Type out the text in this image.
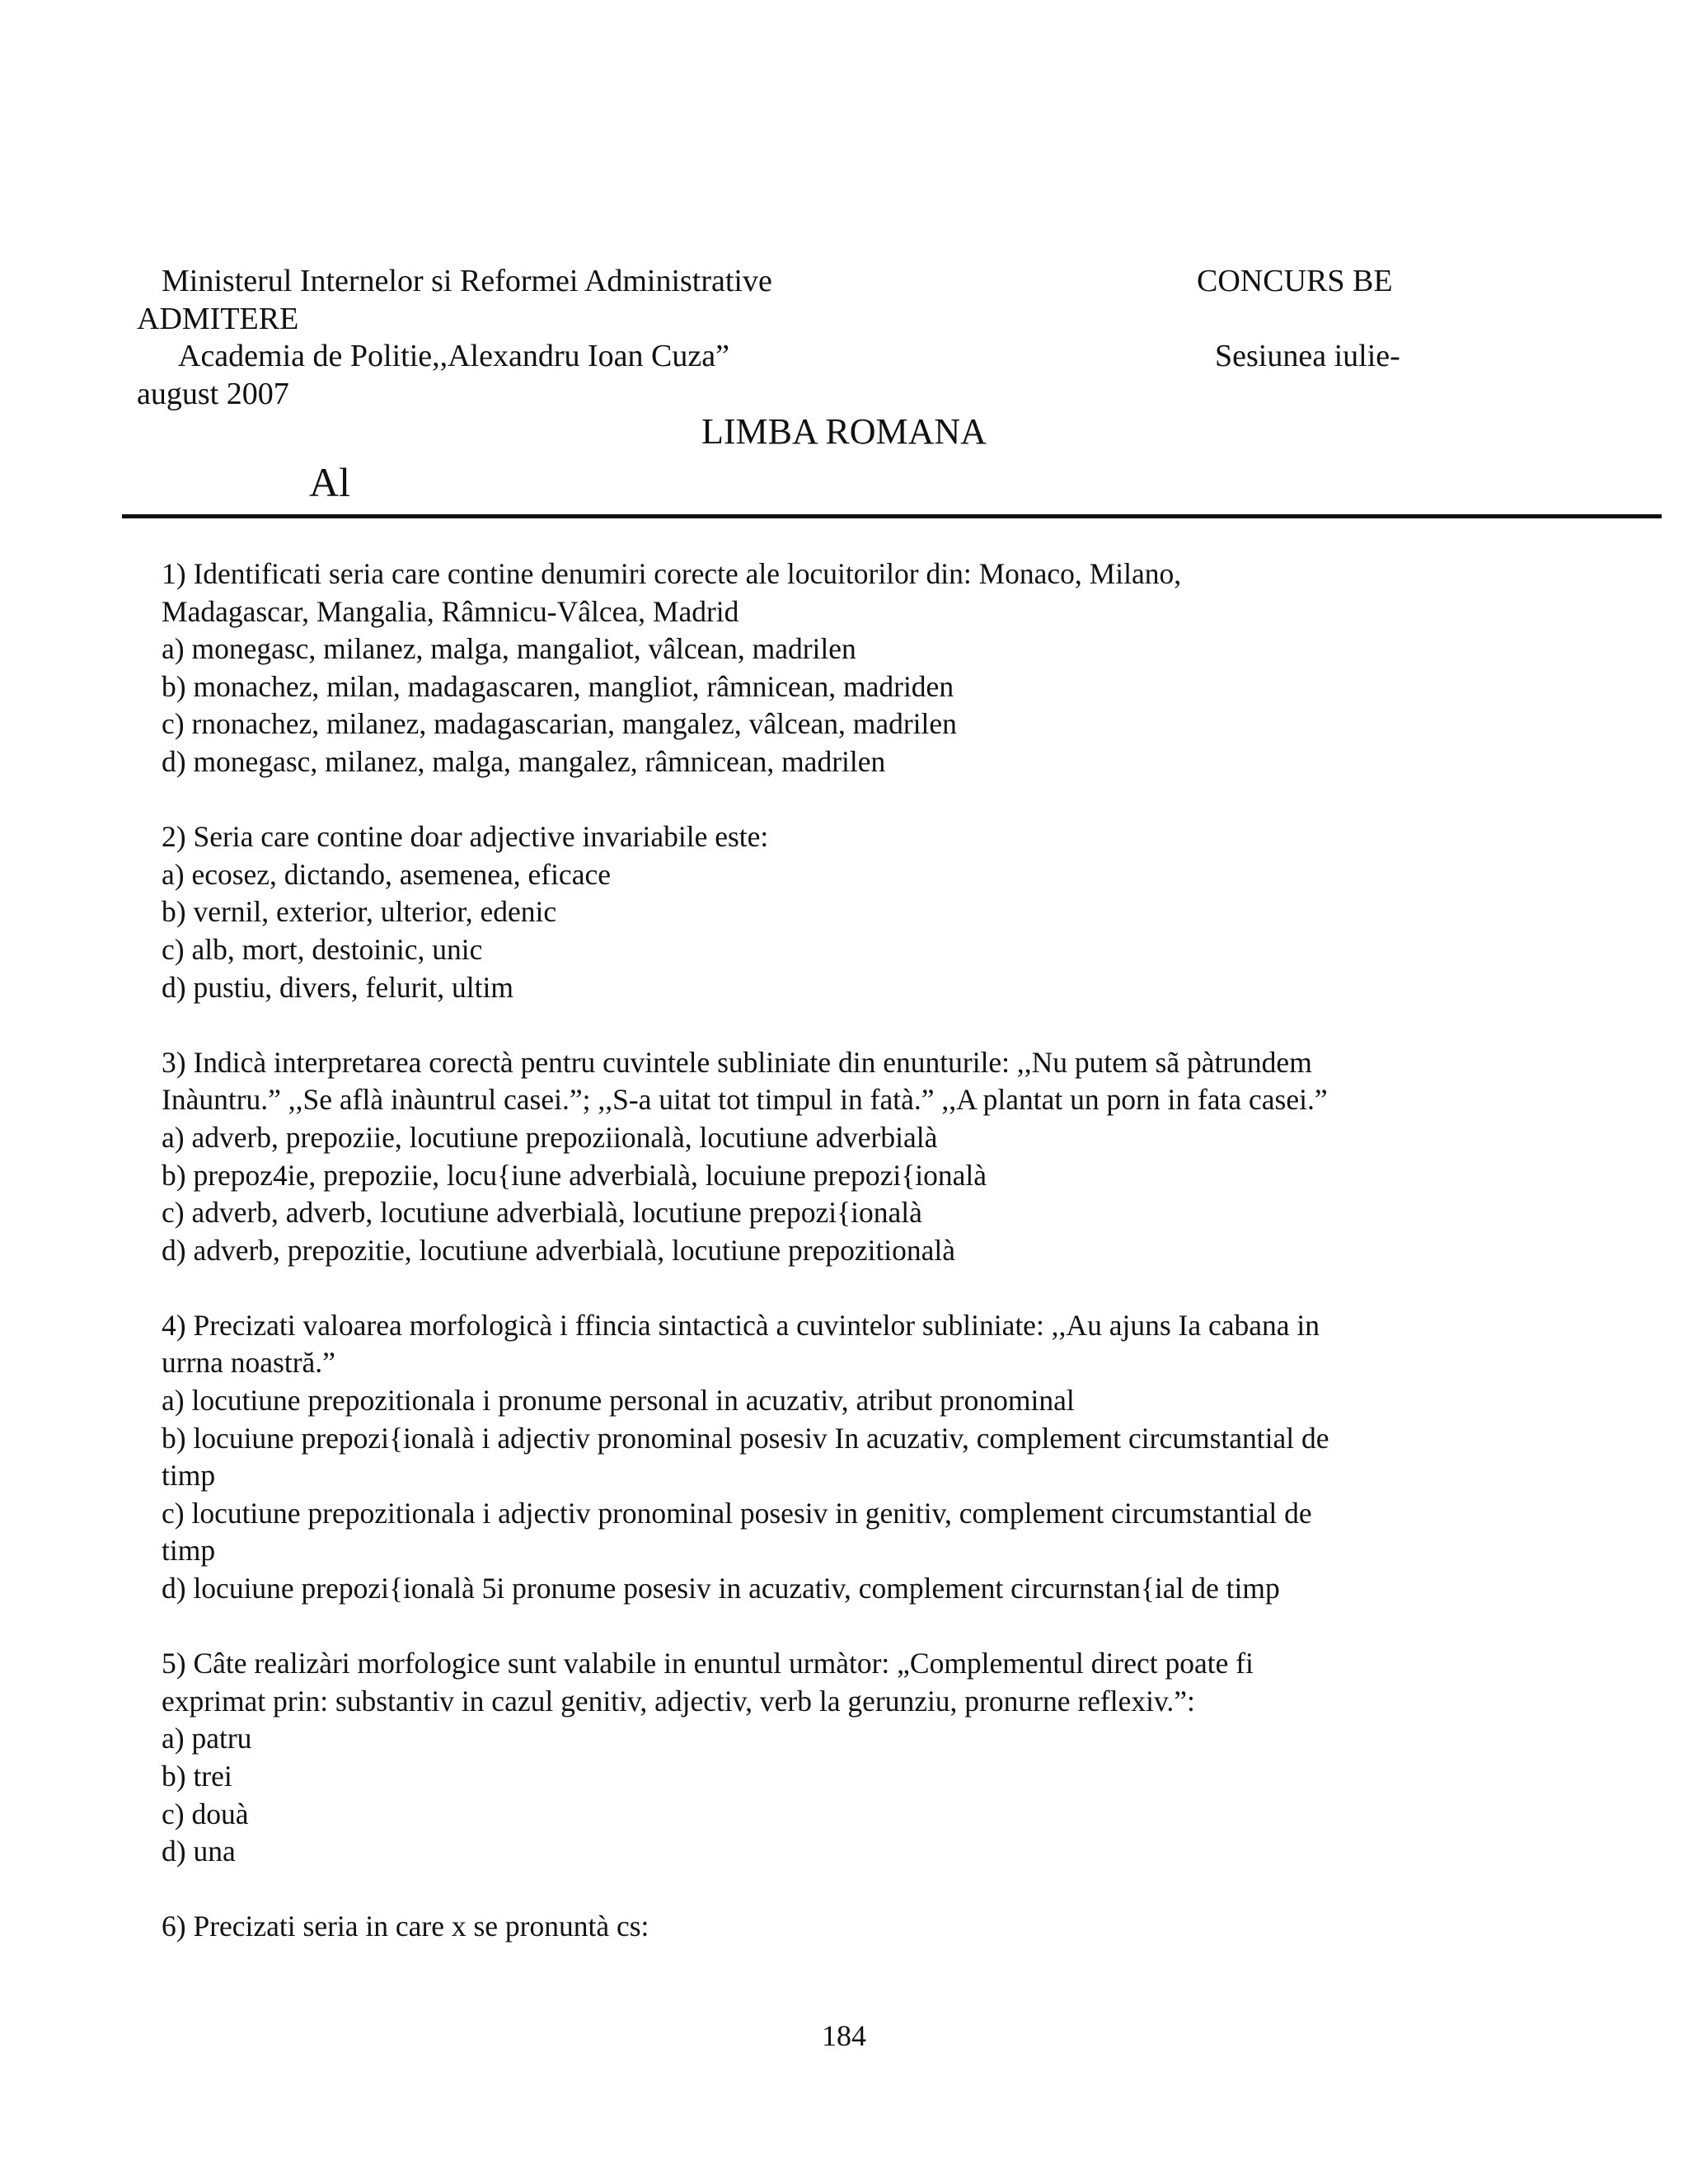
Ministerul Internelor si Reformei Administrative	CONCURS BE
ADMITERE
Academia de Politie,,Alexandru Ioan Cuza”	Sesiunea iulie-
august 2007
LIMBA ROMANA
Al
1) Identificati seria care contine denumiri corecte ale locuitorilor din: Monaco, Milano,
Madagascar, Mangalia, Râmnicu-Vâlcea, Madrid
a) monegasc, milanez, malga, mangaliot, vâlcean, madrilen
b) monachez, milan, madagascaren, mangliot, râmnicean, madriden
c) rnonachez, milanez, madagascarian, mangalez, vâlcean, madrilen
d) monegasc, milanez, malga, mangalez, râmnicean, madrilen
2) Seria care contine doar adjective invariabile este:
a) ecosez, dictando, asemenea, eficace
b) vernil, exterior, ulterior, edenic
c) alb, mort, destoinic, unic
d) pustiu, divers, felurit, ultim
3) Indicà interpretarea corectà pentru cuvintele subliniate din enunturile: ,,Nu putem sã pàtrundem
Inàuntru.” ,,Se aflà inàuntrul casei.”; ,,S-a uitat tot timpul in fatà.” ,,A plantat un porn in fata casei.”
a) adverb, prepoziie, locutiune prepoziionalà, locutiune adverbialà
b) prepoz4ie, prepoziie, locu{iune adverbialà, locuiune prepozi{ionalà
c) adverb, adverb, locutiune adverbialà, locutiune prepozi{ionalà
d) adverb, prepozitie, locutiune adverbialà, locutiune prepozitionalà
4) Precizati valoarea morfologicà i ffincia sintacticà a cuvintelor subliniate: ,,Au ajuns Ia cabana in
urrna noastră.”
a) locutiune prepozitionala i pronume personal in acuzativ, atribut pronominal
b) locuiune prepozi{ionalà i adjectiv pronominal posesiv In acuzativ, complement circumstantial de
timp
c) locutiune prepozitionala i adjectiv pronominal posesiv in genitiv, complement circumstantial de
timp
d) locuiune prepozi{ionalà 5i pronume posesiv in acuzativ, complement circurnstan{ial de timp
5) Câte realizàri morfologice sunt valabile in enuntul urmàtor: „Complementul direct poate fi
exprimat prin: substantiv in cazul genitiv, adjectiv, verb la gerunziu, pronurne reflexiv.”:
a) patru
b) trei
c) douà
d) una
6) Precizati seria in care x se pronuntà cs:
184
